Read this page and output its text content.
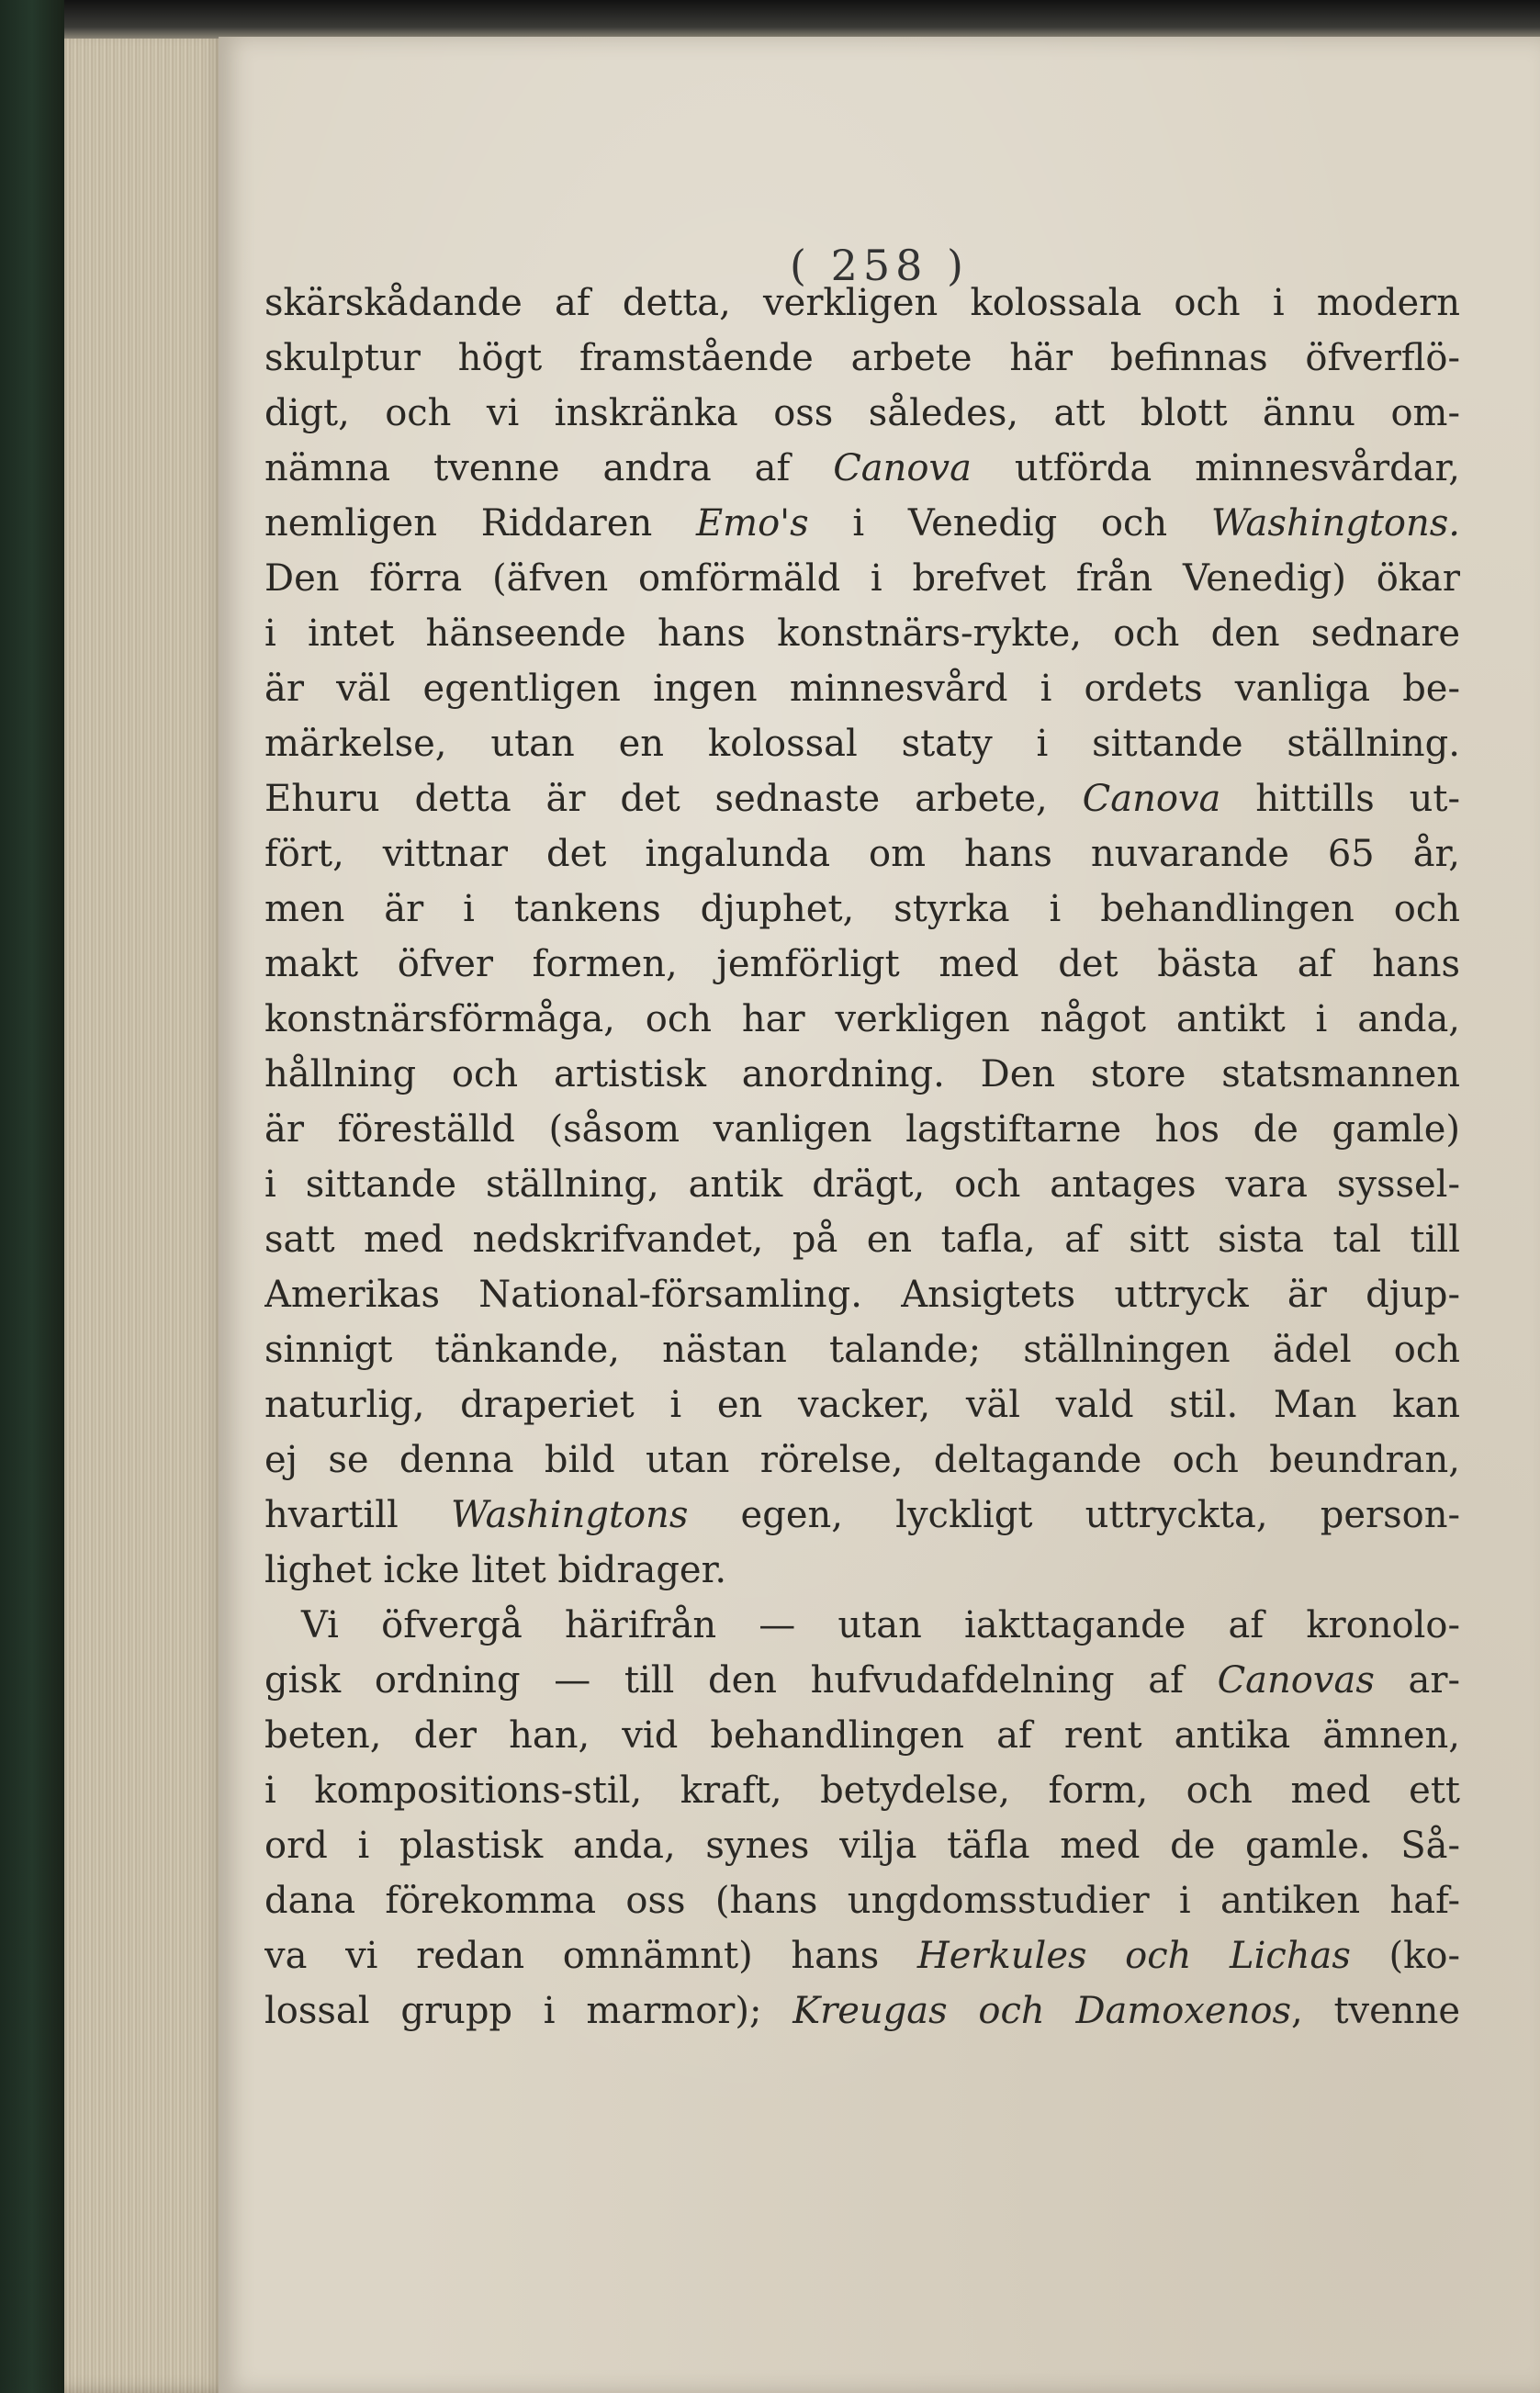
( 258 )
skärskådande af detta, verkligen kolossala och i modern
skulptur högt framstående arbete här befinnas öfverflö-
digt, och vi inskränka oss således, att blott ännu om-
nämna tvenne andra af Canova utförda minnesvårdar,
nemligen Riddaren Emo's i Venedig och Washingtons.
Den förra (äfven omförmäld i brefvet från Venedig) ökar
i intet hänseende hans konstnärs-rykte, och den sednare
är väl egentligen ingen minnesvård i ordets vanliga be-
märkelse, utan en kolossal staty i sittande ställning.
Ehuru detta är det sednaste arbete, Canova hittills ut-
fört, vittnar det ingalunda om hans nuvarande 65 år,
men är i tankens djuphet, styrka i behandlingen och
makt öfver formen, jemförligt med det bästa af hans
konstnärsförmåga, och har verkligen något antikt i anda,
hållning och artistisk anordning. Den store statsmannen
är föreställd (såsom vanligen lagstiftarne hos de gamle)
i sittande ställning, antik drägt, och antages vara syssel-
satt med nedskrifvandet, på en tafla, af sitt sista tal till
Amerikas National-församling. Ansigtets uttryck är djup-
sinnigt tänkande, nästan talande; ställningen ädel och
naturlig, draperiet i en vacker, väl vald stil. Man kan
ej se denna bild utan rörelse, deltagande och beundran,
hvartill Washingtons egen, lyckligt uttryckta, person-
lighet icke litet bidrager.
Vi öfvergå härifrån — utan iakttagande af kronolo-
gisk ordning — till den hufvudafdelning af Canovas ar-
beten, der han, vid behandlingen af rent antika ämnen,
i kompositions-stil, kraft, betydelse, form, och med ett
ord i plastisk anda, synes vilja täfla med de gamle. Så-
dana förekomma oss (hans ungdomsstudier i antiken haf-
va vi redan omnämnt) hans Herkules och Lichas (ko-
lossal grupp i marmor); Kreugas och Damoxenos, tvenne
